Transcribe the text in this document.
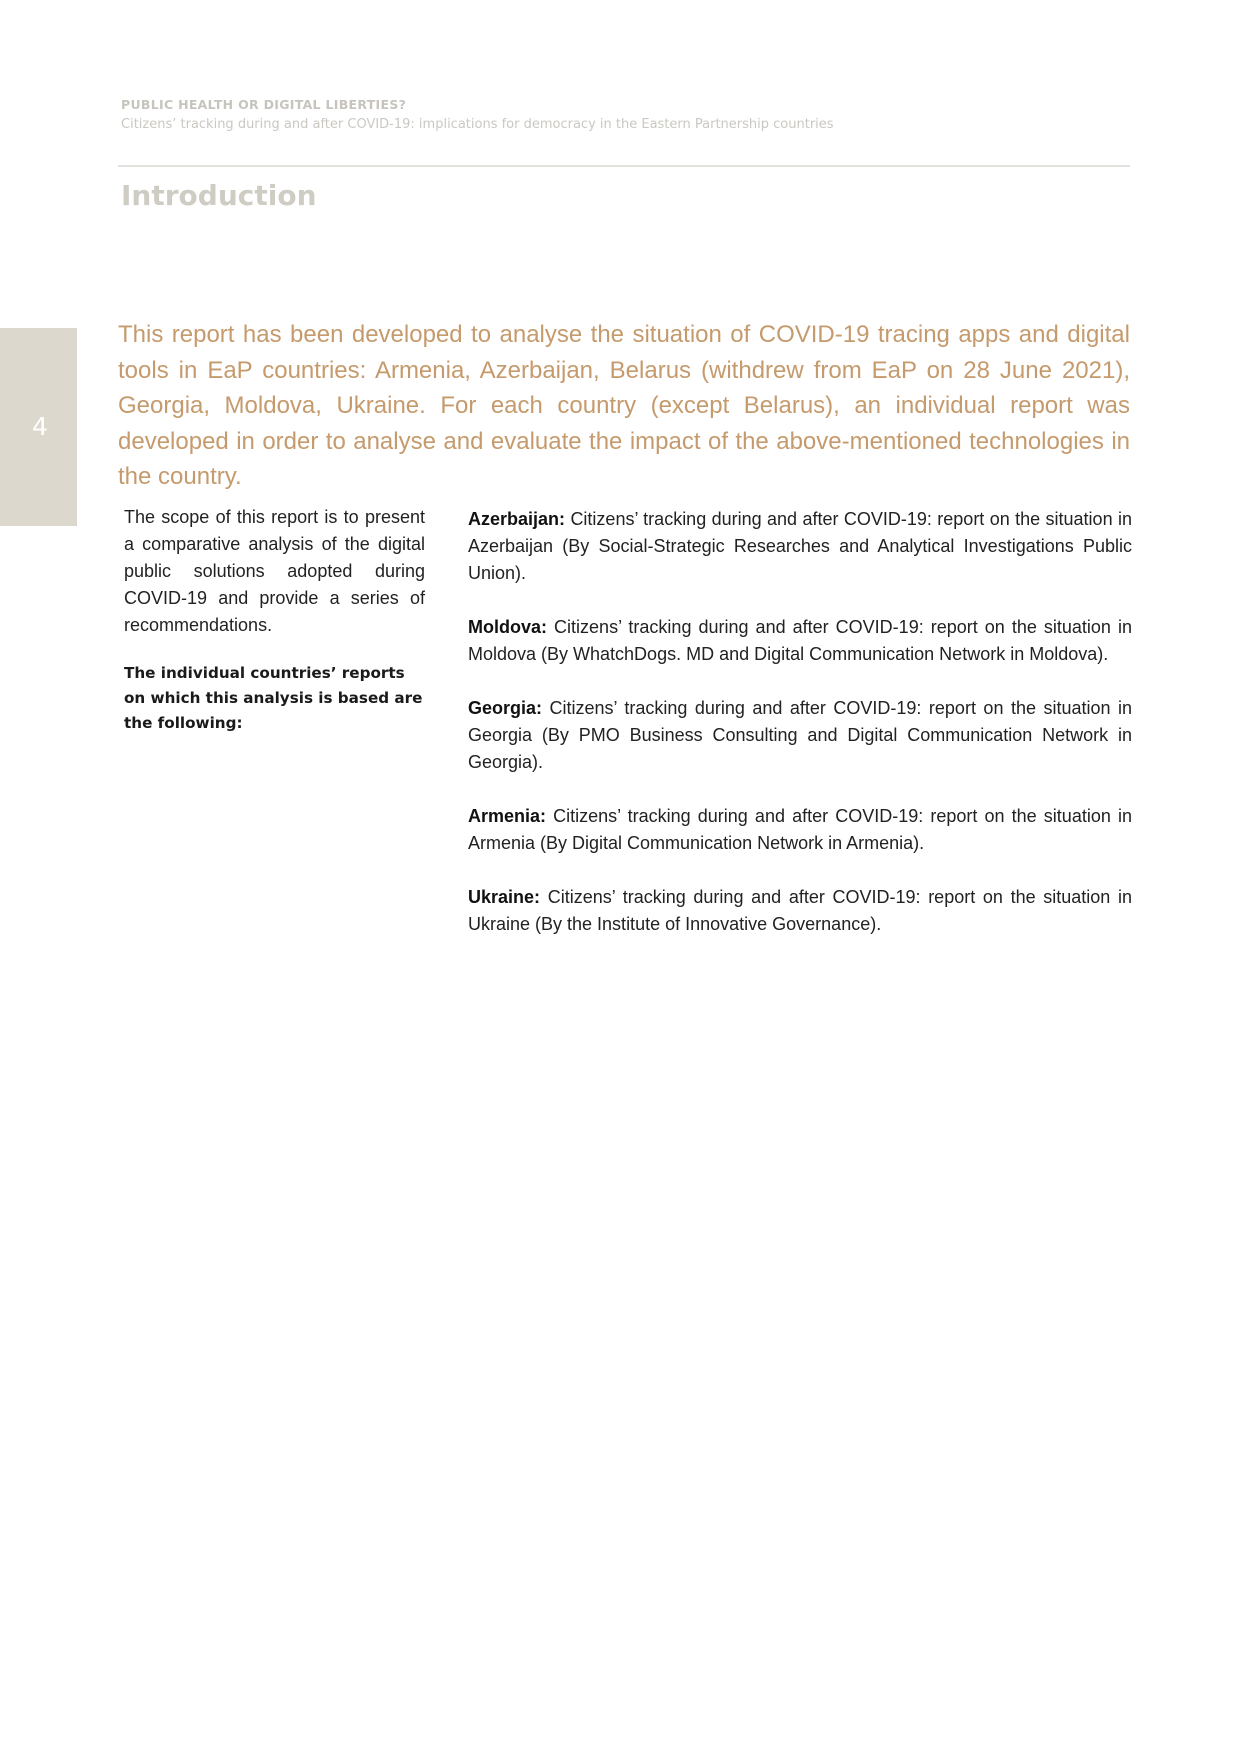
PUBLIC HEALTH OR DIGITAL LIBERTIES?
Citizens’ tracking during and after COVID-19: implications for democracy in the Eastern Partnership countries
Introduction
4

This report has been developed to analyse the situation of COVID-19 tracing apps and digital tools in EaP countries: Armenia, Azerbaijan, Belarus (withdrew from EaP on 28 June 2021), Georgia, Moldova, Ukraine. For each country (except Belarus), an individual report was developed in order to analyse and evaluate the impact of the above-mentioned technologies in the country.

The scope of this report is to present a comparative analysis of the digital public solutions adopted during COVID-19 and provide a series of recommendations.

The individual countries’ reports on which this analysis is based are the following:

Azerbaijan: Citizens’ tracking during and after COVID-19: report on the situation in Azerbaijan (By Social-Strategic Researches and Analytical Investigations Public Union).

Moldova: Citizens’ tracking during and after COVID-19: report on the situation in Moldova (By WhatchDogs. MD and Digital Communication Network in Moldova).

Georgia: Citizens’ tracking during and after COVID-19: report on the situation in Georgia (By PMO Business Consulting and Digital Communication Network in Georgia).

Armenia: Citizens’ tracking during and after COVID-19: report on the situation in Armenia (By Digital Communication Network in Armenia).

Ukraine: Citizens’ tracking during and after COVID-19: report on the situation in Ukraine (By the Institute of Innovative Governance).
